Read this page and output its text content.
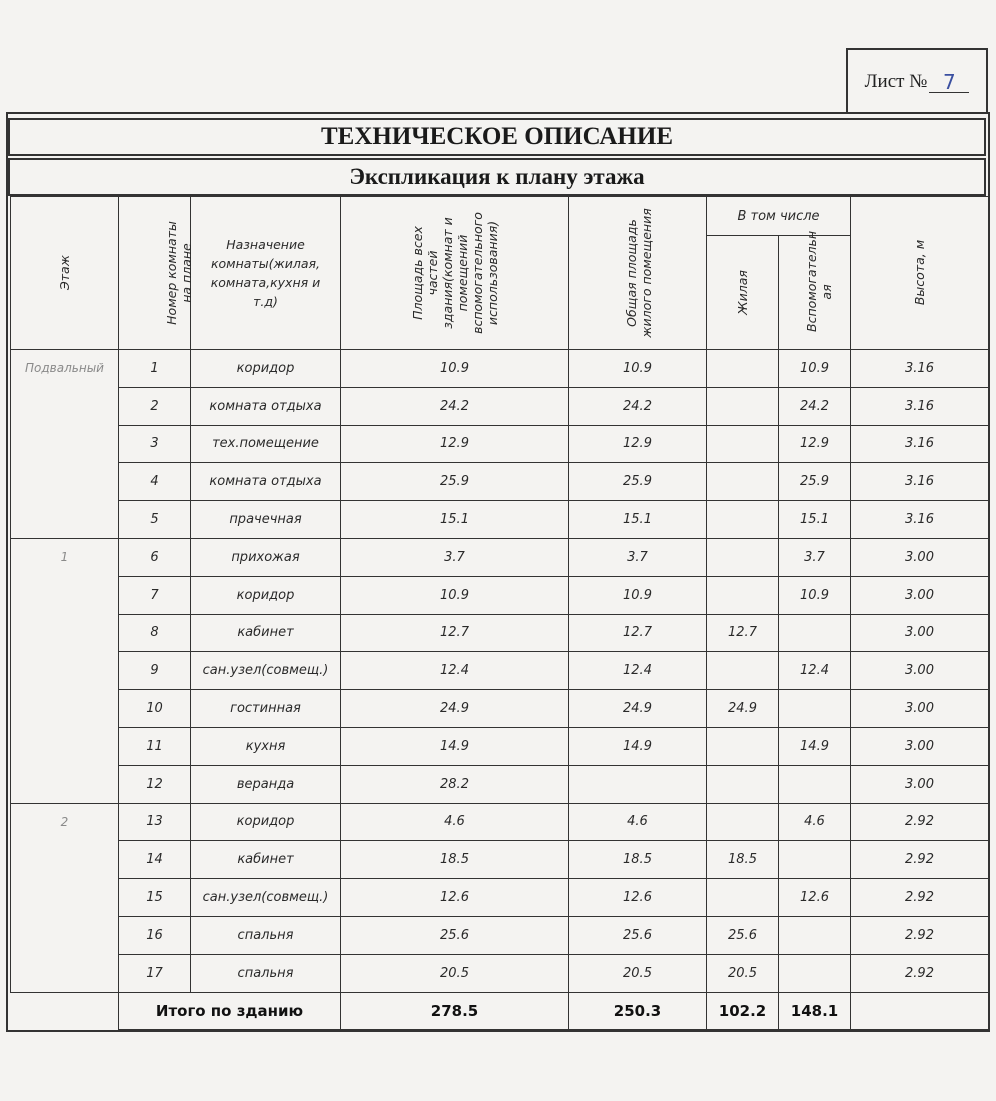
Лист № 7
ТЕХНИЧЕСКОЕ ОПИСАНИЕ
Экспликация к плану этажа
Этаж	Номер комнаты на плане	Назначение комнаты(жилая, комната,кухня и т.д)	Площадь всех частей здания(комнат и помещений вспомогательного использования)	Общая площадь жилого помещения	В том числе		Высота, м
					Жилая	Вспомогательн ая	
Подвальный	1	коридор	10.9	10.9		10.9	3.16
	2	комната отдыха	24.2	24.2		24.2	3.16
	3	тех.помещение	12.9	12.9		12.9	3.16
	4	комната отдыха	25.9	25.9		25.9	3.16
	5	прачечная	15.1	15.1		15.1	3.16
1	6	прихожая	3.7	3.7		3.7	3.00
	7	коридор	10.9	10.9		10.9	3.00
	8	кабинет	12.7	12.7	12.7		3.00
	9	сан.узел(совмещ.)	12.4	12.4		12.4	3.00
	10	гостинная	24.9	24.9	24.9		3.00
	11	кухня	14.9	14.9		14.9	3.00
	12	веранда	28.2				3.00
2	13	коридор	4.6	4.6		4.6	2.92
	14	кабинет	18.5	18.5	18.5		2.92
	15	сан.узел(совмещ.)	12.6	12.6		12.6	2.92
	16	спальня	25.6	25.6	25.6		2.92
	17	спальня	20.5	20.5	20.5		2.92
	Итого по зданию		278.5	250.3	102.2	148.1	
